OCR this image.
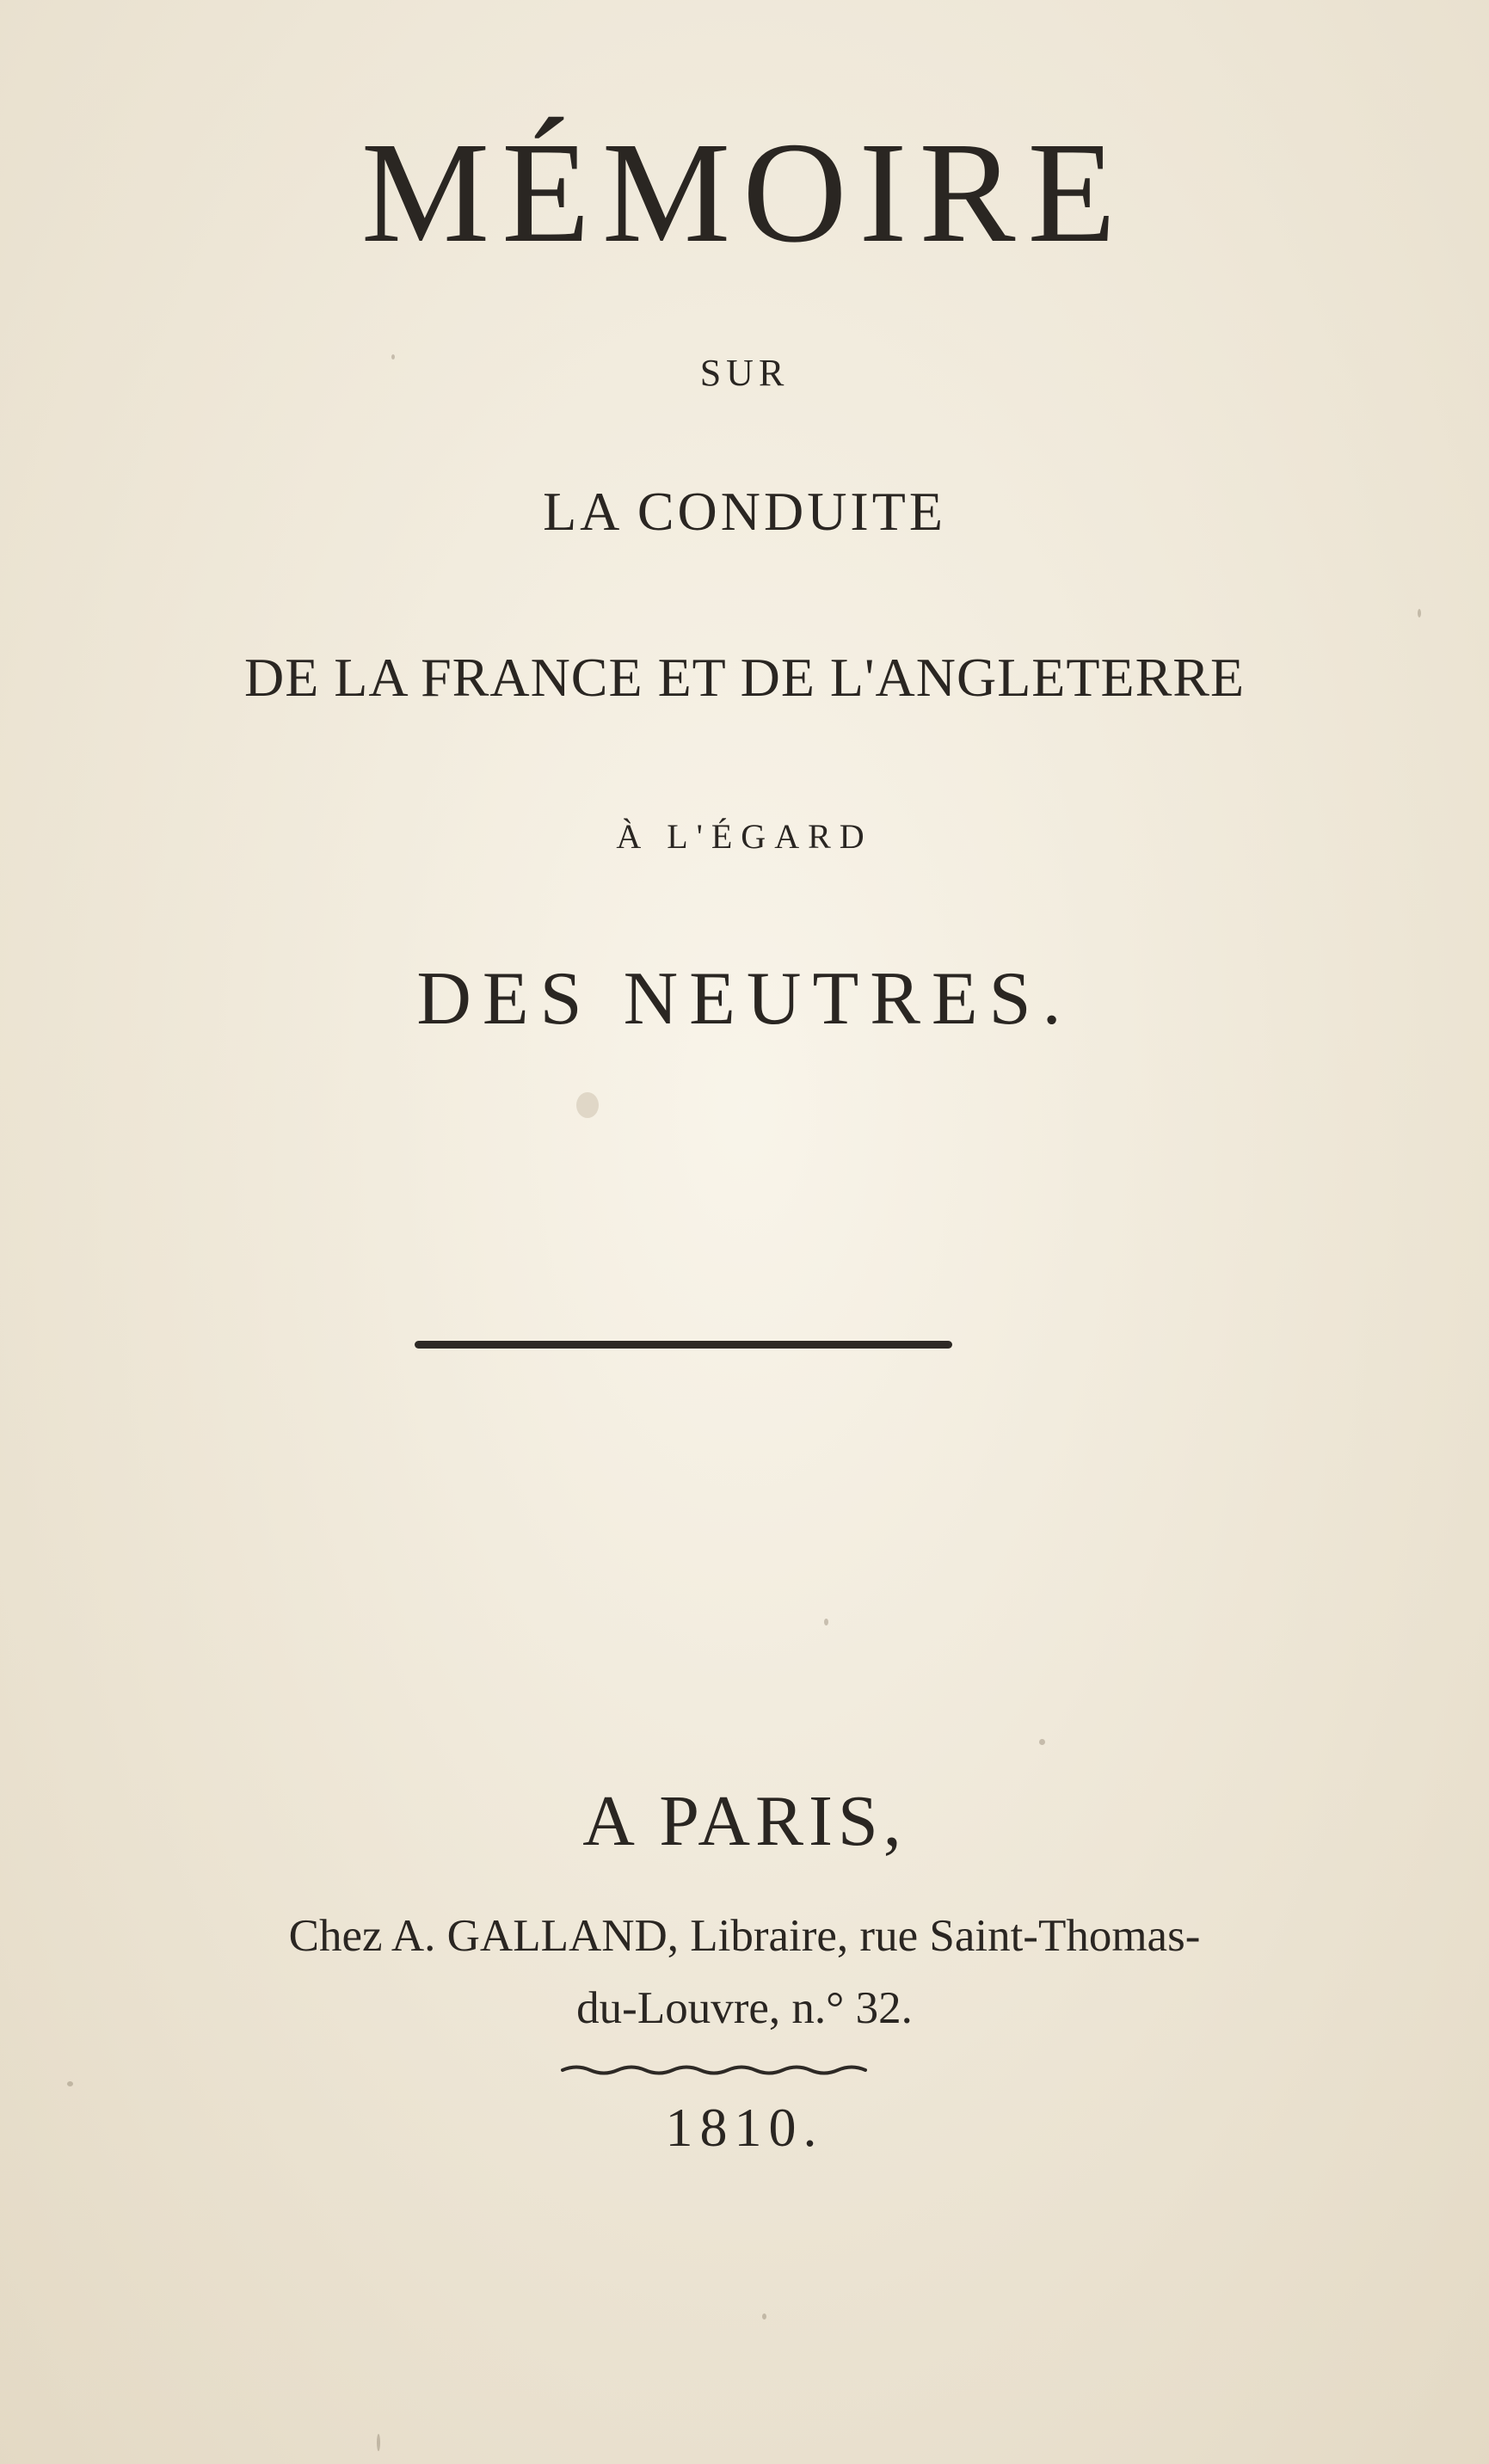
MÉMOIRE
SUR
LA CONDUITE
DE LA FRANCE ET DE L'ANGLETERRE
À L'ÉGARD
DES NEUTRES.
A PARIS,
Chez A. GALLAND, Libraire, rue Saint-Thomas-
du-Louvre, n.° 32.
1810.
